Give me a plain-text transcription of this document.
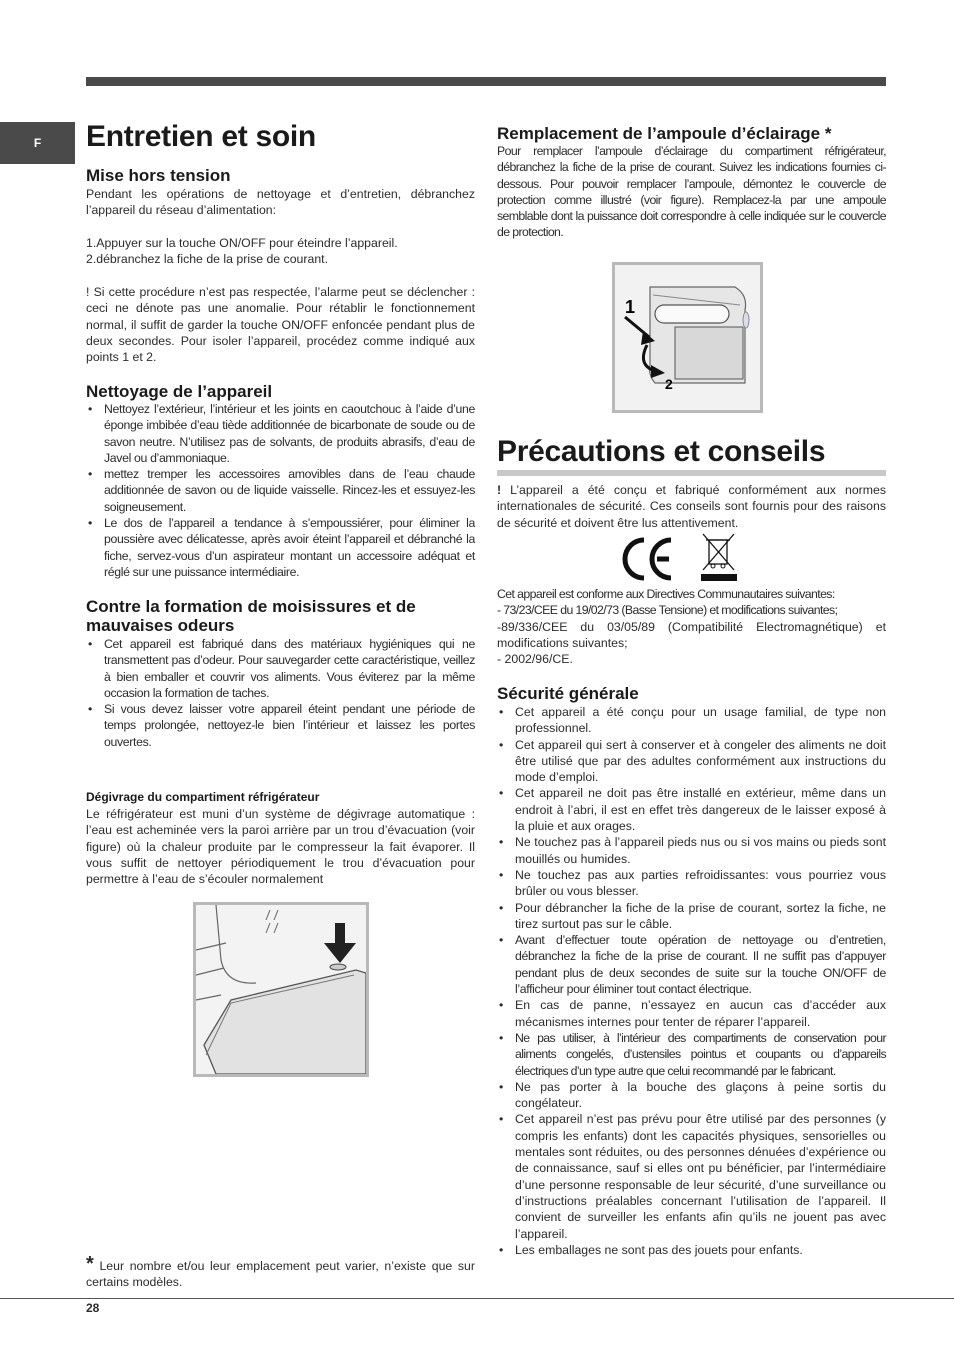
F Entretien et soin
Mise hors tension

Pendant les opérations de nettoyage et d’entretien, débranchez l’appareil du réseau d’alimentation:

1.Appuyer sur la touche ON/OFF pour éteindre l’appareil.

2.débranchez la fiche de la prise de courant.

! Si cette procédure n’est pas respectée, l’alarme peut se déclencher : ceci ne dénote pas une anomalie. Pour rétablir le fonctionnement normal, il suffit de garder la touche ON/OFF enfoncée pendant plus de deux secondes. Pour isoler l’appareil, procédez comme indiqué aux points 1 et 2.

Nettoyage de l’appareil
• Nettoyez l’extérieur, l’intérieur et les joints en caoutchouc à l’aide d’une éponge imbibée d’eau tiède additionnée de bicarbonate de soude ou de savon neutre. N’utilisez pas de solvants, de produits abrasifs, d’eau de Javel ou d’ammoniaque.
• mettez tremper les accessoires amovibles dans de l’eau chaude additionnée de savon ou de liquide vaisselle. Rincez-les et essuyez-les soigneusement.
• Le dos de l’appareil a tendance à s’empoussiérer, pour éliminer la poussière avec délicatesse, après avoir éteint l’appareil et débranché la fiche, servez-vous d’un aspirateur montant un accessoire adéquat et réglé sur une puissance intermédiaire.
Contre la formation de moisissures et de mauvaises odeurs
• Cet appareil est fabriqué dans des matériaux hygiéniques qui ne transmettent pas d’odeur. Pour sauvegarder cette caractéristique, veillez à bien emballer et couvrir vos aliments. Vous éviterez par la même occasion la formation de taches.
• Si vous devez laisser votre appareil éteint pendant une période de temps prolongée, nettoyez-le bien l’intérieur et laissez les portes ouvertes.
Dégivrage du compartiment réfrigérateur

Le réfrigérateur est muni d’un système de dégivrage automatique : l’eau est acheminée vers la paroi arrière par un trou d’évacuation (voir figure) où la chaleur produite par le compresseur la fait évaporer. Il vous suffit de nettoyer périodiquement le trou d’évacuation pour permettre à l’eau de s’écouler normalement

* Leur nombre et/ou leur emplacement peut varier, n’existe que sur certains modèles.

Remplacement de l’ampoule d’éclairage *

Pour remplacer l’ampoule d’éclairage du compartiment réfrigérateur, débranchez la fiche de la prise de courant. Suivez les indications fournies ci-dessous. Pour pouvoir remplacer l’ampoule, démontez le couvercle de protection comme illustré (voir figure). Remplacez-la par une ampoule semblable dont la puissance doit correspondre à celle indiquée sur le couvercle de protection.

1
2
Précautions et conseils

! L’appareil a été conçu et fabriqué conformément aux normes internationales de sécurité. Ces conseils sont fournis pour des raisons de sécurité et doivent être lus attentivement.

Cet appareil est conforme aux Directives Communautaires suivantes:

- 73/23/CEE du 19/02/73 (Basse Tensione) et modifications suivantes;

-89/336/CEE du 03/05/89 (Compatibilité Electromagnétique) et modifications suivantes;

- 2002/96/CE.

Sécurité générale
• Cet appareil a été conçu pour un usage familial, de type non professionnel.
• Cet appareil qui sert à conserver et à congeler des aliments ne doit être utilisé que par des adultes conformément aux instructions du mode d’emploi.
• Cet appareil ne doit pas être installé en extérieur, même dans un endroit à l’abri, il est en effet très dangereux de le laisser exposé à la pluie et aux orages.
• Ne touchez pas à l’appareil pieds nus ou si vos mains ou pieds sont mouillés ou humides.
• Ne touchez pas aux parties refroidissantes: vous pourriez vous brûler ou vous blesser.
• Pour débrancher la fiche de la prise de courant, sortez la fiche, ne tirez surtout pas sur le câble.
• Avant d’effectuer toute opération de nettoyage ou d’entretien, débranchez la fiche de la prise de courant. Il ne suffit pas d’appuyer pendant plus de deux secondes de suite sur la touche ON/OFF de l’afficheur pour éliminer tout contact électrique.
• En cas de panne, n’essayez en aucun cas d’accéder aux mécanismes internes pour tenter de réparer l’appareil.
• Ne pas utiliser, à l’intérieur des compartiments de conservation pour aliments congelés, d’ustensiles pointus et coupants ou d’appareils électriques d’un type autre que celui recommandé par le fabricant.
• Ne pas porter à la bouche des glaçons à peine sortis du congélateur.
• Cet appareil n’est pas prévu pour être utilisé par des personnes (y compris les enfants) dont les capacités physiques, sensorielles ou mentales sont réduites, ou des personnes dénuées d’expérience ou de connaissance, sauf si elles ont pu bénéficier, par l’intermédiaire d’une personne responsable de leur sécurité, d’une surveillance ou d’instructions préalables concernant l’utilisation de l’appareil. Il convient de surveiller les enfants afin qu’ils ne jouent pas avec l’appareil.
• Les emballages ne sont pas des jouets pour enfants.
28
